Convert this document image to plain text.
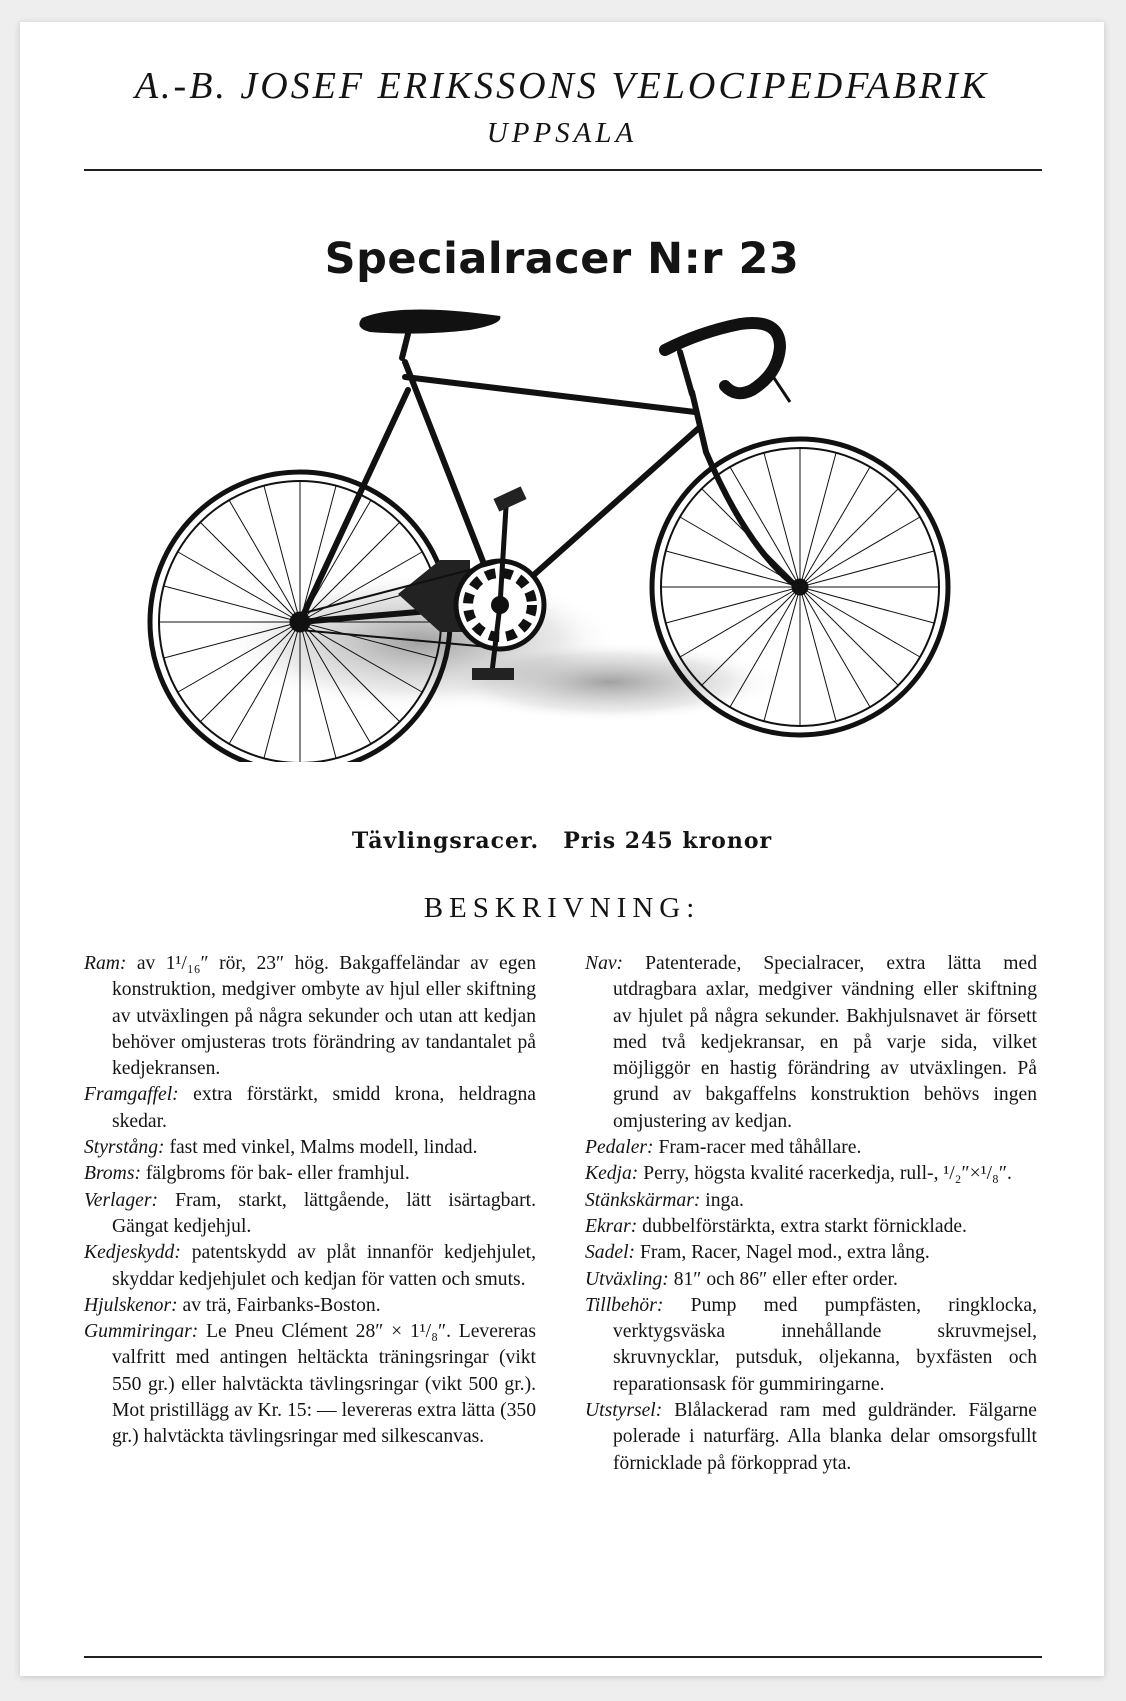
A.-B. JOSEF ERIKSSONS VELOCIPEDFABRIK
UPPSALA
Specialracer N:r 23
Tävlingsracer. Pris 245 kronor
BESKRIVNING:

Ram: av 1¹/₁₆″ rör, 23″ hög. Bakgaffeländar av egen konstruktion, medgiver ombyte av hjul eller skiftning av utväxlingen på några sekunder och utan att kedjan behöver omjusteras trots förändring av tandantalet på kedjekransen.

Framgaffel: extra förstärkt, smidd krona, heldragna skedar.

Styrstång: fast med vinkel, Malms modell, lindad.

Broms: fälgbroms för bak- eller framhjul.

Verlager: Fram, starkt, lättgående, lätt isärtagbart. Gängat kedjehjul.

Kedjeskydd: patentskydd av plåt innanför kedjehjulet, skyddar kedjehjulet och kedjan för vatten och smuts.

Hjulskenor: av trä, Fairbanks-Boston.

Gummiringar: Le Pneu Clément 28″ × 1¹/₈″. Levereras valfritt med antingen heltäckta träningsringar (vikt 550 gr.) eller halvtäckta tävlingsringar (vikt 500 gr.). Mot pristillägg av Kr. 15: — levereras extra lätta (350 gr.) halvtäckta tävlingsringar med silkescanvas.

Nav: Patenterade, Specialracer, extra lätta med utdragbara axlar, medgiver vändning eller skiftning av hjulet på några sekunder. Bakhjulsnavet är försett med två kedjekransar, en på varje sida, vilket möjliggör en hastig förändring av utväxlingen. På grund av bakgaffelns konstruktion behövs ingen omjustering av kedjan.

Pedaler: Fram-racer med tåhållare.

Kedja: Perry, högsta kvalité racerkedja, rull-, ¹/₂″×¹/₈″.

Stänkskärmar: inga.

Ekrar: dubbelförstärkta, extra starkt förnicklade.

Sadel: Fram, Racer, Nagel mod., extra lång.

Utväxling: 81″ och 86″ eller efter order.

Tillbehör: Pump med pumpfästen, ringklocka, verktygsväska innehållande skruvmejsel, skruvnycklar, putsduk, oljekanna, byxfästen och reparationsask för gummiringarne.

Utstyrsel: Blålackerad ram med guldränder. Fälgarne polerade i naturfärg. Alla blanka delar omsorgsfullt förnicklade på förkopprad yta.
